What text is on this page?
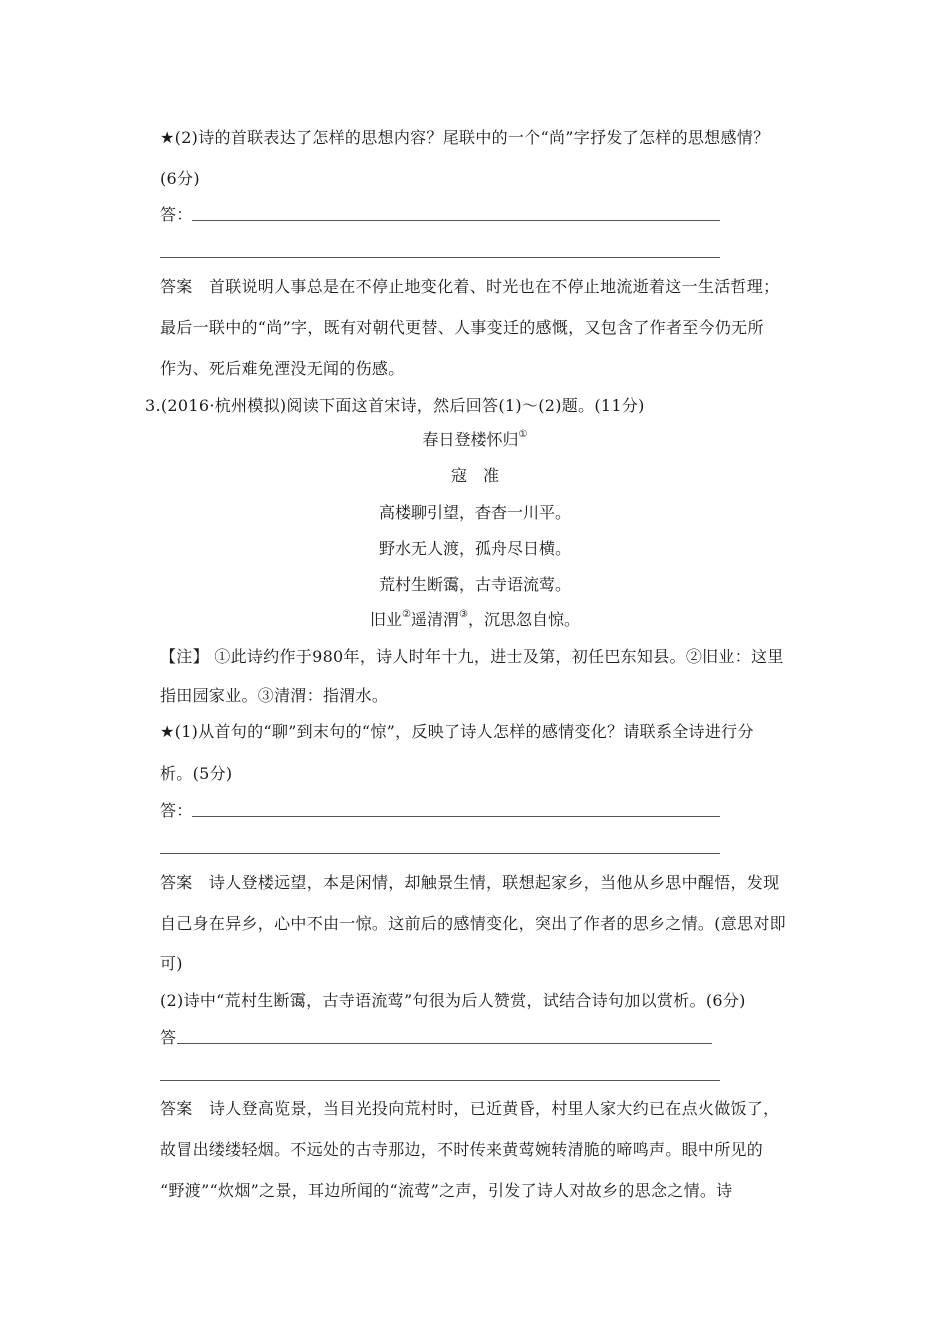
★(2)诗的首联表达了怎样的思想内容？尾联中的一个“尚”字抒发了怎样的思想感情？
(6分)
答：
答案　首联说明人事总是在不停止地变化着、时光也在不停止地流逝着这一生活哲理；
最后一联中的“尚”字，既有对朝代更替、人事变迁的感慨，又包含了作者至今仍无所
作为、死后难免湮没无闻的伤感。
3.(2016·杭州模拟)阅读下面这首宋诗，然后回答(1)～(2)题。(11分)
春日登楼怀归①
寇　准
高楼聊引望，杳杳一川平。
野水无人渡，孤舟尽日横。
荒村生断霭，古寺语流莺。
旧业②遥清渭③，沉思忽自惊。
【注】 ①此诗约作于980年，诗人时年十九，进士及第，初任巴东知县。②旧业：这里
指田园家业。③清渭：指渭水。
★(1)从首句的“聊”到末句的“惊”，反映了诗人怎样的感情变化？请联系全诗进行分
析。(5分)
答：
答案　诗人登楼远望，本是闲情，却触景生情，联想起家乡，当他从乡思中醒悟，发现
自己身在异乡，心中不由一惊。这前后的感情变化，突出了作者的思乡之情。(意思对即
可)
(2)诗中“荒村生断霭，古寺语流莺”句很为后人赞赏，试结合诗句加以赏析。(6分)
答
答案　诗人登高览景，当目光投向荒村时，已近黄昏，村里人家大约已在点火做饭了，
故冒出缕缕轻烟。不远处的古寺那边，不时传来黄莺婉转清脆的啼鸣声。眼中所见的
“野渡”“炊烟”之景，耳边所闻的“流莺”之声，引发了诗人对故乡的思念之情。诗
